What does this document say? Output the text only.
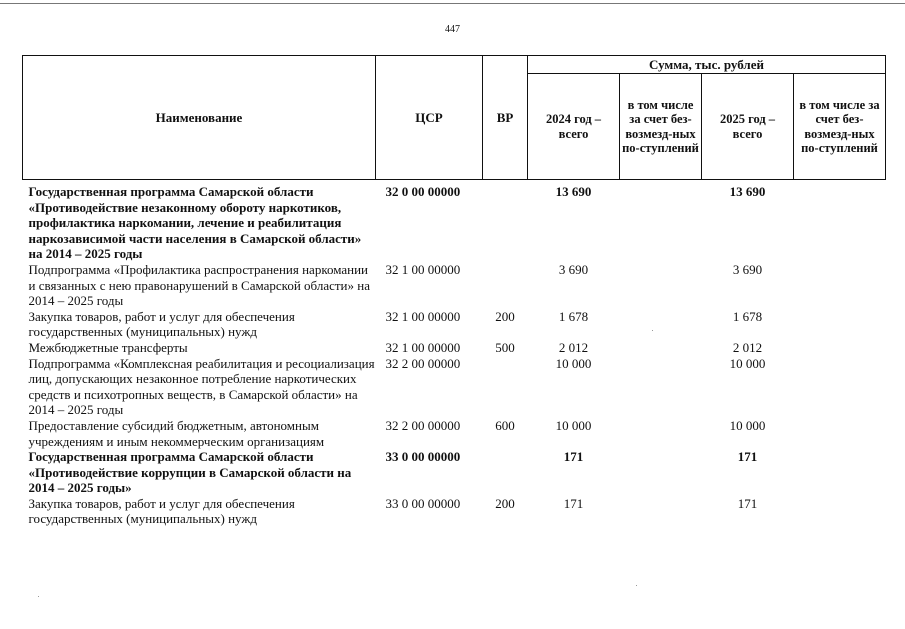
447
Наименование	ЦСР	ВР	Сумма, тыс. рублей			
			2024 год – всего	в том числе за счет без-возмезд-ных по-ступлений	2025 год – всего	в том числе за счет без-возмезд-ных по-ступлений
Государственная программа Самарской области «Противодействие незаконному обороту наркотиков, профилактика наркомании, лечение и реабилитация наркозависимой части населения в Самарской области» на 2014 – 2025 годы	32 0 00 00000		13 690		13 690	
Подпрограмма «Профилактика распространения наркомании и связанных с нею правонарушений в Самарской области» на 2014 – 2025 годы	32 1 00 00000		3 690		3 690	
Закупка товаров, работ и услуг для обеспечения государственных (муниципальных) нужд	32 1 00 00000	200	1 678		1 678	
Межбюджетные трансферты	32 1 00 00000	500	2 012		2 012	
Подпрограмма «Комплексная реабилитация и ресоциализация лиц, допускающих незаконное потребление наркотических средств и психотропных веществ, в Самарской области» на 2014 – 2025 годы	32 2 00 00000		10 000		10 000	
Предоставление субсидий бюджетным, автономным учреждениям и иным некоммерческим организациям	32 2 00 00000	600	10 000		10 000	
Государственная программа Самарской области «Противодействие коррупции в Самарской области на 2014 – 2025 годы»	33 0 00 00000		171		171	
Закупка товаров, работ и услуг для обеспечения государственных (муниципальных) нужд	33 0 00 00000	200	171		171	
